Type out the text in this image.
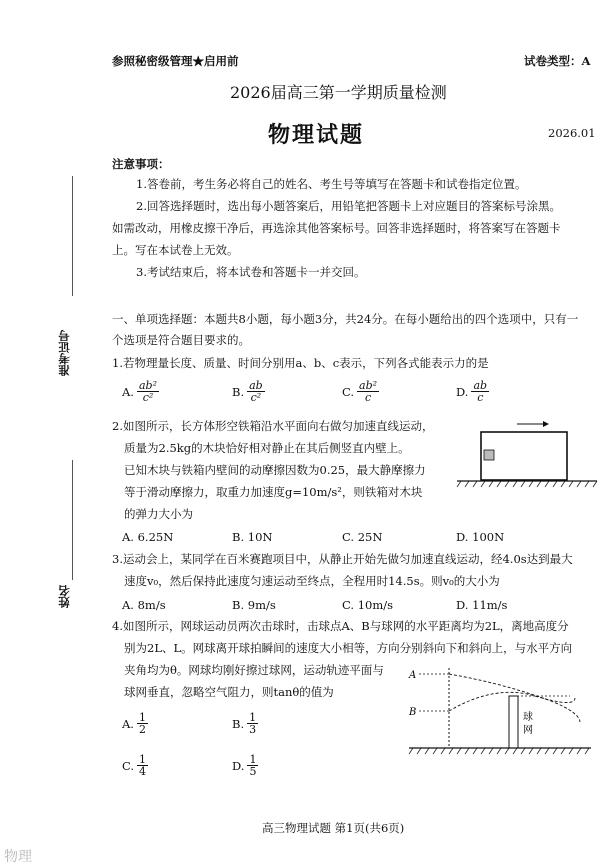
参照秘密级管理★启用前	试卷类型：A
2026届高三第一学期质量检测
物理试题	2026.01
准考证号
姓名
注意事项：
1.答卷前，考生务必将自己的姓名、考生号等填写在答题卡和试卷指定位置。
2.回答选择题时，选出每小题答案后，用铅笔把答题卡上对应题目的答案标号涂黑。
如需改动，用橡皮擦干净后，再选涂其他答案标号。回答非选择题时，将答案写在答题卡
上。写在本试卷上无效。
3.考试结束后，将本试卷和答题卡一并交回。
一、单项选择题：本题共8小题，每小题3分，共24分。在每小题给出的四个选项中，只有一
个选项是符合题目要求的。
1.若物理量长度、质量、时间分别用a、b、c表示，下列各式能表示力的是
A. $\frac{\text{ab²}}{\text{c²}}$	B. $\frac{ab}{\text{c²}}$	C. $\frac{\text{ab²}}{c}$	D. $\frac{ab}{c}$
2.如图所示，长方体形空铁箱沿水平面向右做匀加速直线运动，
质量为2.5kg的木块恰好相对静止在其后侧竖直内壁上。
已知木块与铁箱内壁间的动摩擦因数为0.25，最大静摩擦力
等于滑动摩擦力，取重力加速度g=10m/s²，则铁箱对木块
的弹力大小为
A. 6.25N	B. 10N	C. 25N	D. 100N
3.运动会上，某同学在百米赛跑项目中，从静止开始先做匀加速直线运动，经4.0s达到最大
速度v₀，然后保持此速度匀速运动至终点，全程用时14.5s。则v₀的大小为
A. 8m/s	B. 9m/s	C. 10m/s	D. 11m/s
4.如图所示，网球运动员两次击球时，击球点A、B与球网的水平距离均为2L，离地高度分
别为2L、L。网球离开球拍瞬间的速度大小相等，方向分别斜向下和斜向上，与水平方向
夹角均为θ。网球均刚好擦过球网，运动轨迹平面与
球网垂直，忽略空气阻力，则tanθ的值为
A. $\frac{1}{2}$	B. $\frac{1}{3}$
C. $\frac{1}{4}$	D. $\frac{1}{5}$
A
B	球
网
高三物理试题 第1页(共6页)
物理
